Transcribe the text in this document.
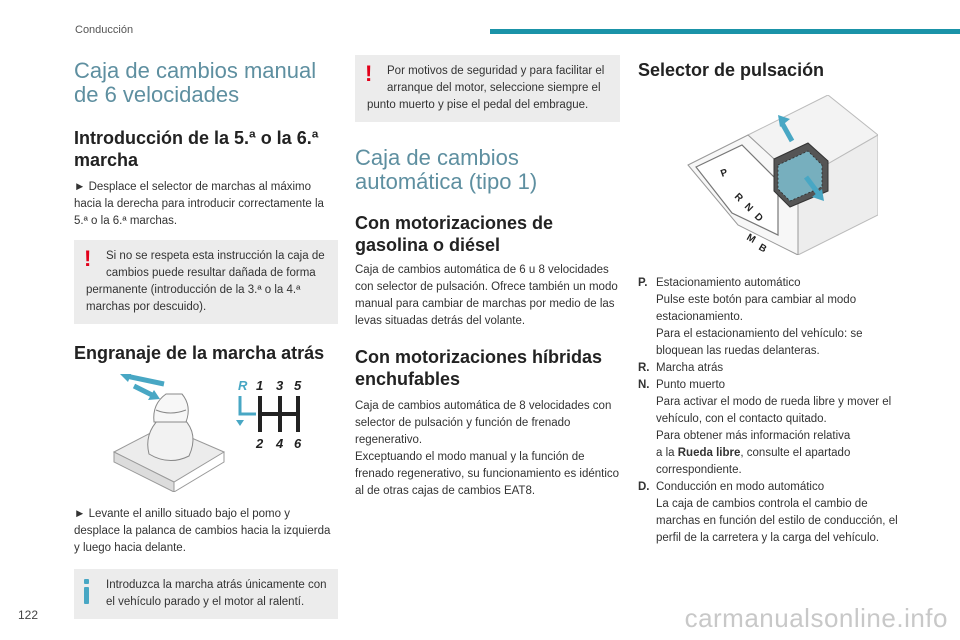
Conducción
Caja de cambios manual de 6 velocidades
Introducción de la 5.ª o la 6.ª marcha

► Desplace el selector de marchas al máximo hacia la derecha para introducir correctamente la 5.ª o la 6.ª marchas.

!	Si no se respeta esta instrucción la caja de cambios puede resultar dañada de forma
permanente (introducción de la 3.ª o la 4.ª marchas por descuido).
Engranaje de la marcha atrás
R 1 3 5
2 4 6

► Levante el anillo situado bajo el pomo y desplace la palanca de cambios hacia la izquierda y luego hacia delante.

Introduzca la marcha atrás únicamente con el vehículo parado y el motor al ralentí.
!	Por motivos de seguridad y para facilitar el arranque del motor, seleccione siempre el
punto muerto y pise el pedal del embrague.
Caja de cambios automática (tipo 1)
Con motorizaciones de gasolina o diésel

Caja de cambios automática de 6 u 8 velocidades con selector de pulsación. Ofrece también un modo manual para cambiar de marchas por medio de las levas situadas detrás del volante.

Con motorizaciones híbridas enchufables

Caja de cambios automática de 8 velocidades con selector de pulsación y función de frenado regenerativo.

Exceptuando el modo manual y la función de frenado regenerativo, su funcionamiento es idéntico al de otras cajas de cambios EAT8.

Selector de pulsación
P
R
N
D
M
B
P. Estacionamiento automático
Pulse este botón para cambiar al modo estacionamiento.
Para el estacionamiento del vehículo: se bloquean las ruedas delanteras.
R. Marcha atrás
N. Punto muerto
Para activar el modo de rueda libre y mover el vehículo, con el contacto quitado.
Para obtener más información relativa
a la Rueda libre, consulte el apartado correspondiente.
D. Conducción en modo automático
La caja de cambios controla el cambio de marchas en función del estilo de conducción, el perfil de la carretera y la carga del vehículo.
122	carmanualsonline.info
